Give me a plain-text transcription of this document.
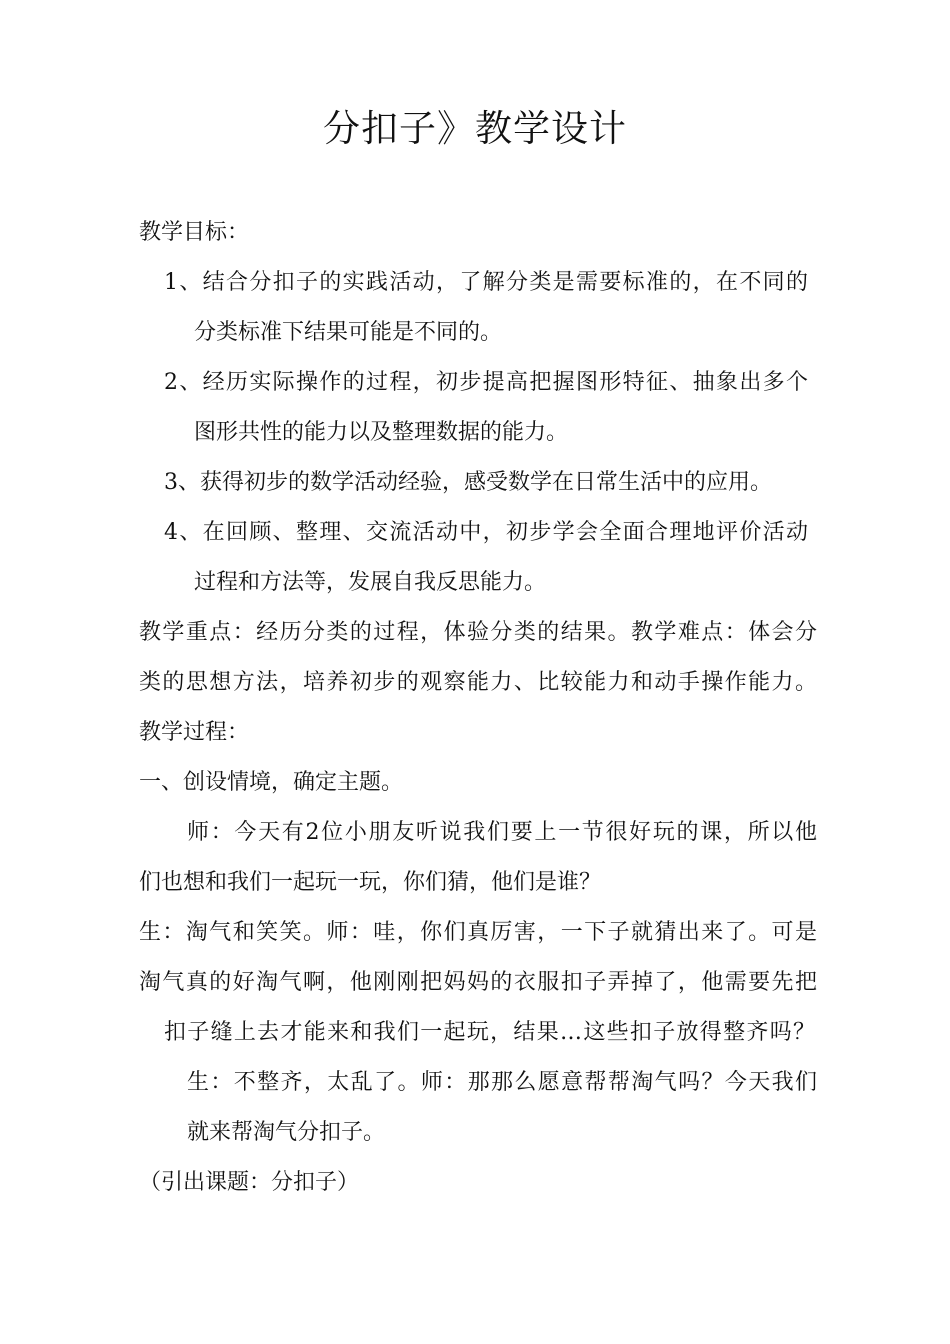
分扣子》教学设计
教学目标：
1、结合分扣子的实践活动，了解分类是需要标准的，在不同的
分类标准下结果可能是不同的。
2、经历实际操作的过程，初步提高把握图形特征、抽象出多个
图形共性的能力以及整理数据的能力。
3、获得初步的数学活动经验，感受数学在日常生活中的应用。
4、在回顾、整理、交流活动中，初步学会全面合理地评价活动
过程和方法等，发展自我反思能力。
教学重点：经历分类的过程，体验分类的结果。教学难点：体会分
类的思想方法，培养初步的观察能力、比较能力和动手操作能力。
教学过程：
一、创设情境，确定主题。
师：今天有2位小朋友听说我们要上一节很好玩的课，所以他
们也想和我们一起玩一玩，你们猜，他们是谁？
生：淘气和笑笑。师：哇，你们真厉害，一下子就猜出来了。可是
淘气真的好淘气啊，他刚刚把妈妈的衣服扣子弄掉了，他需要先把
扣子缝上去才能来和我们一起玩，结果…这些扣子放得整齐吗？
生：不整齐，太乱了。师：那那么愿意帮帮淘气吗？今天我们
就来帮淘气分扣子。
（引出课题：分扣子）
